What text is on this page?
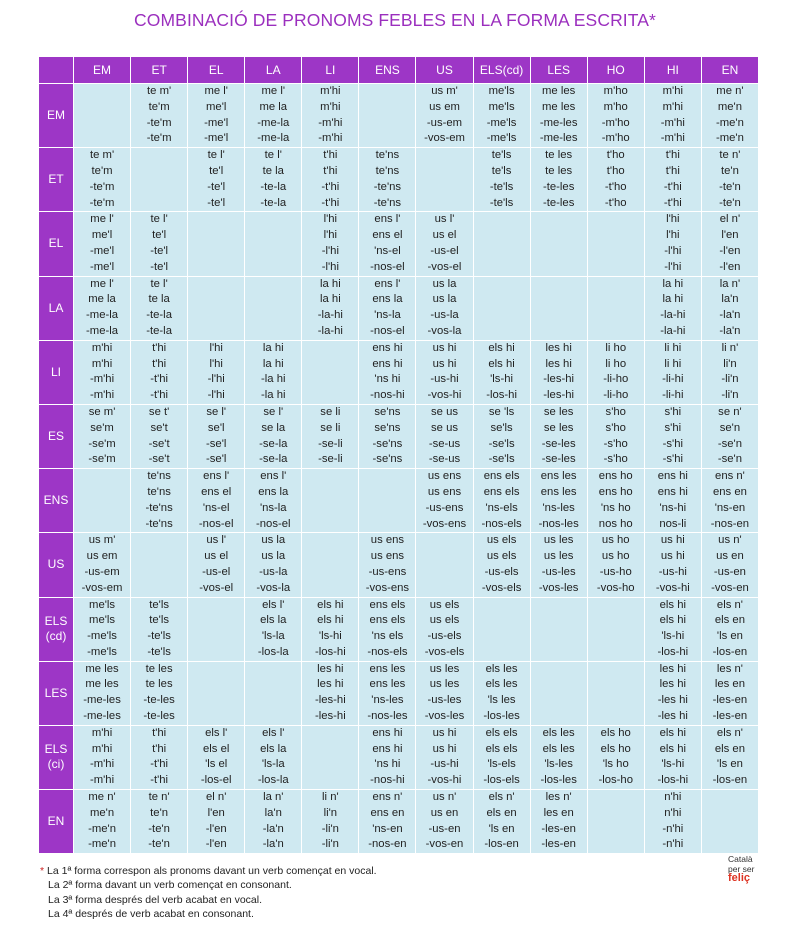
COMBINACIÓ DE PRONOMS FEBLES EN LA FORMA ESCRITA*
	EM	ET	EL	LA	LI	ENS	US	ELS(cd)	LES	HO	HI	EN

EM		te m'
te'm
-te'm
-te'm	me l'
me'l
-me'l
-me'l	me l'
me la
-me-la
-me-la	m'hi
m'hi
-m'hi
-m'hi		us m'
us em
-us-em
-vos-em	me'ls
me'ls
-me'ls
-me'ls	me les
me les
-me-les
-me-les	m'ho
m'ho
-m'ho
-m'ho	m'hi
m'hi
-m'hi
-m'hi	me n'
me'n
-me'n
-me'n

ET	te m'
te'm
-te'm
-te'm		te l'
te'l
-te'l
-te'l	te l'
te la
-te-la
-te-la	t'hi
t'hi
-t'hi
-t'hi	te'ns
te'ns
-te'ns
-te'ns		te'ls
te'ls
-te'ls
-te'ls	te les
te les
-te-les
-te-les	t'ho
t'ho
-t'ho
-t'ho	t'hi
t'hi
-t'hi
-t'hi	te n'
te'n
-te'n
-te'n

EL	me l'
me'l
-me'l
-me'l	te l'
te'l
-te'l
-te'l			l'hi
l'hi
-l'hi
-l'hi	ens l'
ens el
'ns-el
-nos-el	us l'
us el
-us-el
-vos-el				l'hi
l'hi
-l'hi
-l'hi	el n'
l'en
-l'en
-l'en

LA	me l'
me la
-me-la
-me-la	te l'
te la
-te-la
-te-la			la hi
la hi
-la-hi
-la-hi	ens l'
ens la
'ns-la
-nos-el	us la
us la
-us-la
-vos-la				la hi
la hi
-la-hi
-la-hi	la n'
la'n
-la'n
-la'n

LI	m'hi
m'hi
-m'hi
-m'hi	t'hi
t'hi
-t'hi
-t'hi	l'hi
l'hi
-l'hi
-l'hi	la hi
la hi
-la hi
-la hi		ens hi
ens hi
'ns hi
-nos-hi	us hi
us hi
-us-hi
-vos-hi	els hi
els hi
'ls-hi
-los-hi	les hi
les hi
-les-hi
-les-hi	li ho
li ho
-li-ho
-li-ho	li hi
li hi
-li-hi
-li-hi	li n'
li'n
-li'n
-li'n

ES	se m'
se'm
-se'm
-se'm	se t'
se't
-se't
-se't	se l'
se'l
-se'l
-se'l	se l'
se la
-se-la
-se-la	se li
se li
-se-li
-se-li	se'ns
se'ns
-se'ns
-se'ns	se us
se us
-se-us
-se-us	se 'ls
se'ls
-se'ls
-se'ls	se les
se les
-se-les
-se-les	s'ho
s'ho
-s'ho
-s'ho	s'hi
s'hi
-s'hi
-s'hi	se n'
se'n
-se'n
-se'n

ENS		te'ns
te'ns
-te'ns
-te'ns	ens l'
ens el
'ns-el
-nos-el	ens l'
ens la
'ns-la
-nos-el			us ens
us ens
-us-ens
-vos-ens	ens els
ens els
'ns-els
-nos-els	ens les
ens les
'ns-les
-nos-les	ens ho
ens ho
'ns ho
nos ho	ens hi
ens hi
'ns-hi
nos-li	ens n'
ens en
'ns-en
-nos-en

US	us m'
us em
-us-em
-vos-em		us l'
us el
-us-el
-vos-el	us la
us la
-us-la
-vos-la		us ens
us ens
-us-ens
-vos-ens		us els
us els
-us-els
-vos-els	us les
us les
-us-les
-vos-les	us ho
us ho
-us-ho
-vos-ho	us hi
us hi
-us-hi
-vos-hi	us n'
us en
-us-en
-vos-en

ELS
(cd)	me'ls
me'ls
-me'ls
-me'ls	te'ls
te'ls
-te'ls
-te'ls		els l'
els la
'ls-la
-los-la	els hi
els hi
'ls-hi
-los-hi	ens els
ens els
'ns els
-nos-els	us els
us els
-us-els
-vos-els				els hi
els hi
'ls-hi
-los-hi	els n'
els en
'ls en
-los-en

LES	me les
me les
-me-les
-me-les	te les
te les
-te-les
-te-les			les hi
les hi
-les-hi
-les-hi	ens les
ens les
'ns-les
-nos-les	us les
us les
-us-les
-vos-les	els les
els les
'ls les
-los-les			les hi
les hi
-les hi
-les hi	les n'
les en
-les-en
-les-en

ELS
(ci)	m'hi
m'hi
-m'hi
-m'hi	t'hi
t'hi
-t'hi
-t'hi	els l'
els el
'ls el
-los-el	els l'
els la
'ls-la
-los-la		ens hi
ens hi
'ns hi
-nos-hi	us hi
us hi
-us-hi
-vos-hi	els els
els els
'ls-els
-los-els	els les
els les
'ls-les
-los-les	els ho
els ho
'ls ho
-los-ho	els hi
els hi
'ls-hi
-los-hi	els n'
els en
'ls en
-los-en

EN	me n'
me'n
-me'n
-me'n	te n'
te'n
-te'n
-te'n	el n'
l'en
-l'en
-l'en	la n'
la'n
-la'n
-la'n	li n'
li'n
-li'n
-li'n	ens n'
ens en
'ns-en
-nos-en	us n'
us en
-us-en
-vos-en	els n'
els en
'ls en
-los-en	les n'
les en
-les-en
-les-en		n'hi
n'hi
-n'hi
-n'hi	

* La 1ª forma correspon als pronoms davant un verb començat en vocal.
La 2ª forma davant un verb començat en consonant.
La 3ª forma després del verb acabat en vocal.
La 4ª després de verb acabat en consonant.
Català
per ser
feliç
